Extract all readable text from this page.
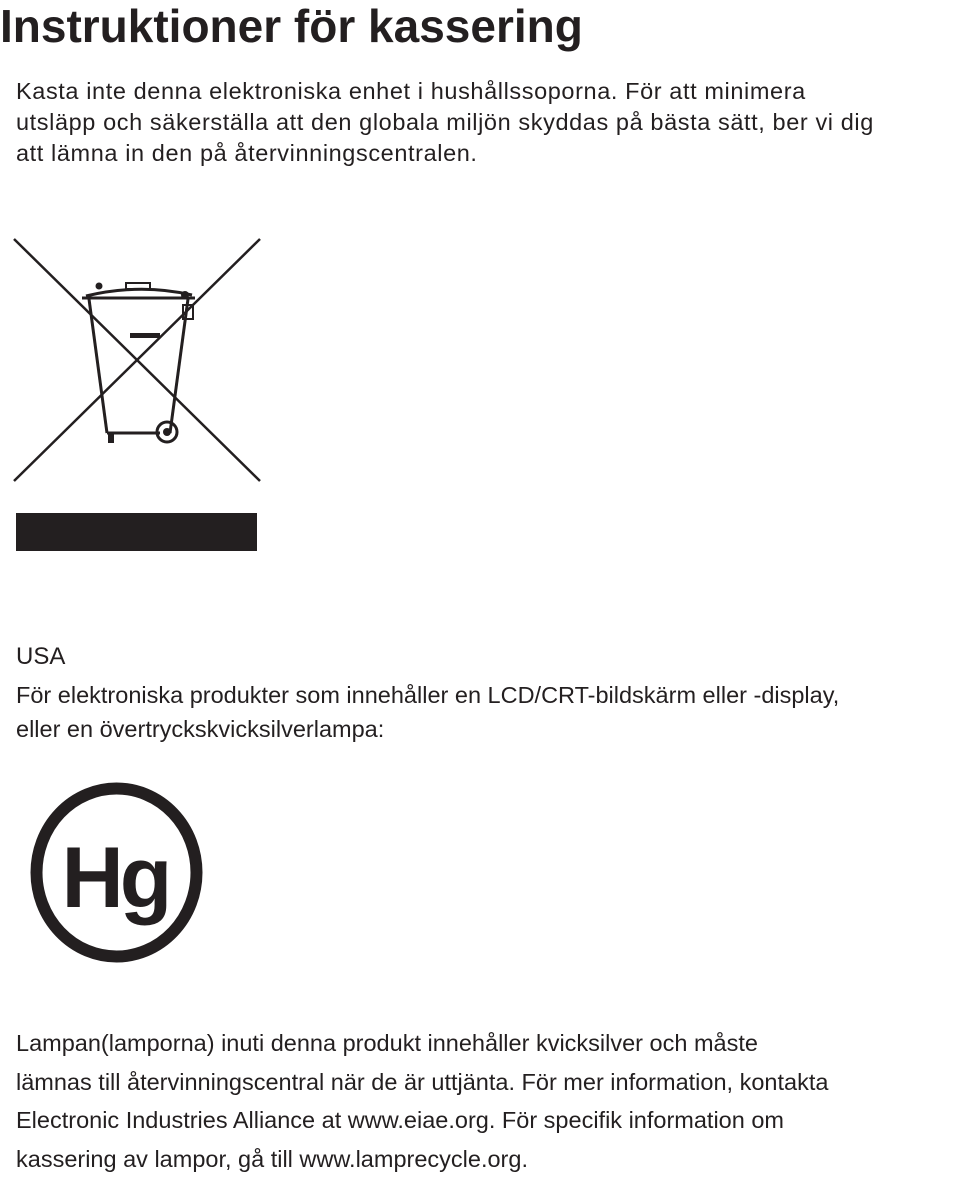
Instruktioner för kassering
Kasta inte denna elektroniska enhet i hushållssoporna. För att minimera
utsläpp och säkerställa att den globala miljön skyddas på bästa sätt, ber vi dig
att lämna in den på återvinningscentralen.
USA
För elektroniska produkter som innehåller en LCD/CRT-bildskärm eller -display,
eller en övertryckskvicksilverlampa:
Hg
Lampan(lamporna) inuti denna produkt innehåller kvicksilver och måste
lämnas till återvinningscentral när de är uttjänta. För mer information, kontakta
Electronic Industries Alliance at www.eiae.org. För specifik information om
kassering av lampor, gå till www.lamprecycle.org.
